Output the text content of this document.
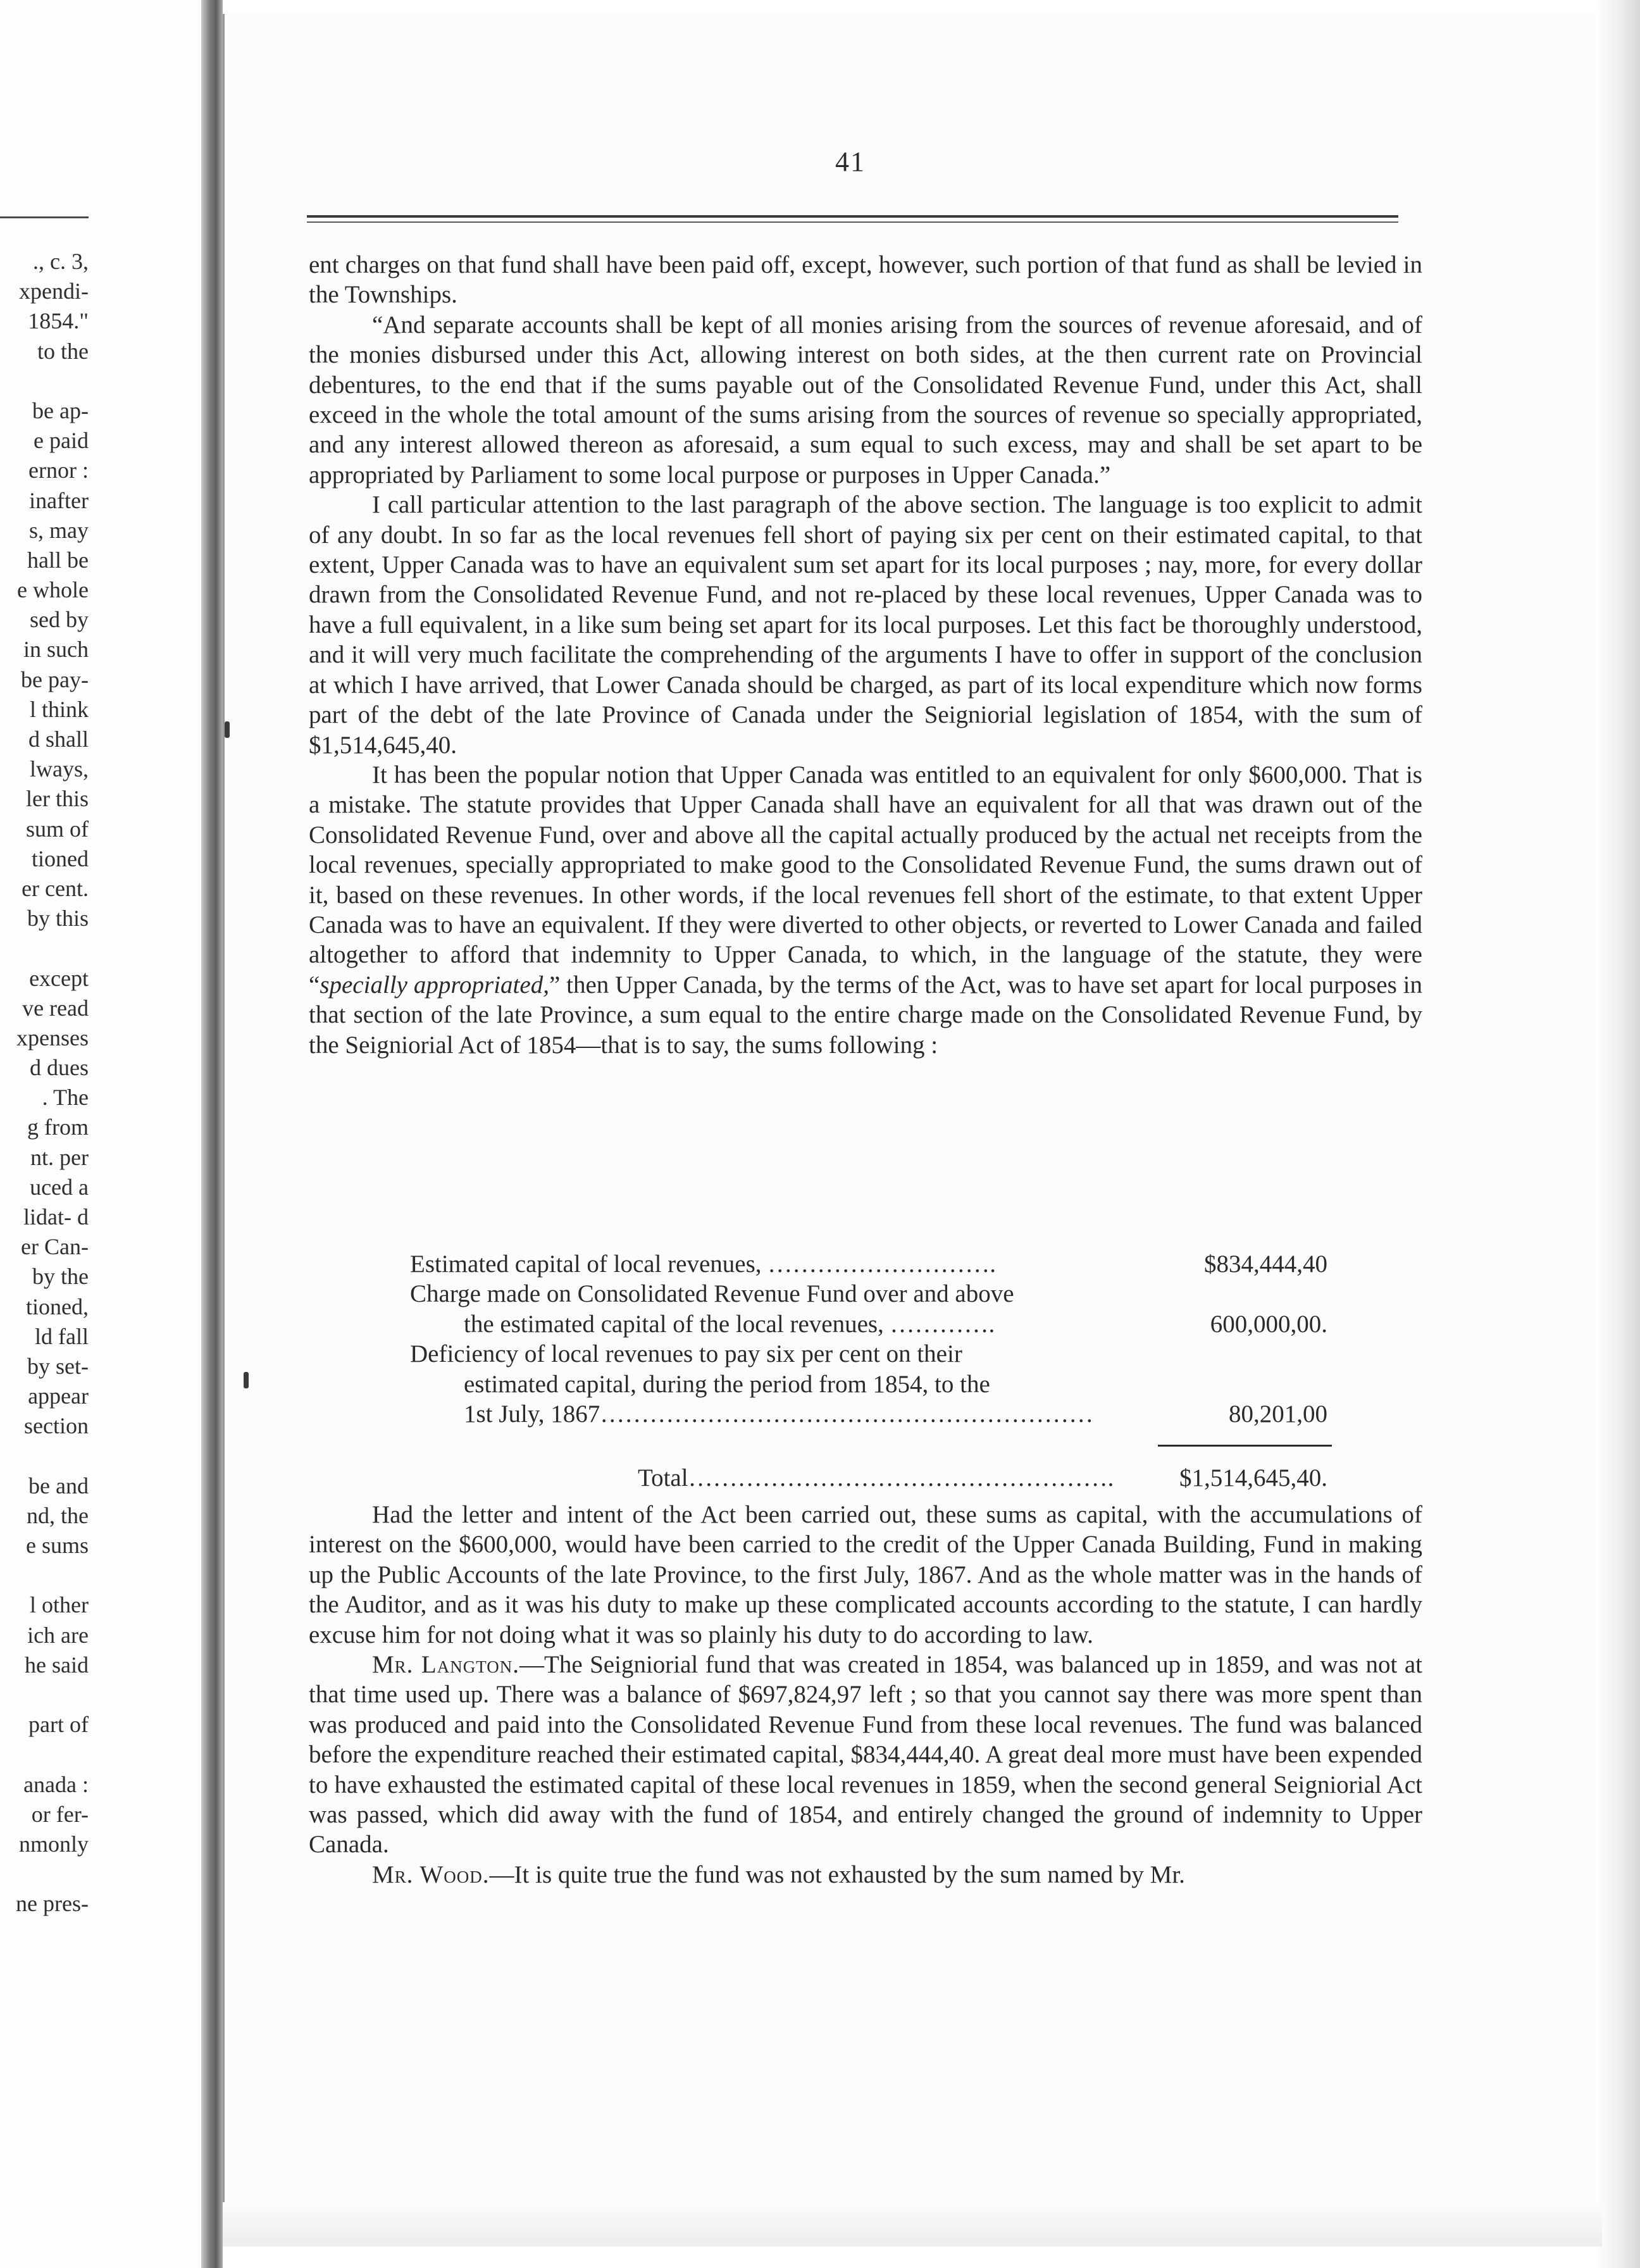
., c. 3,
xpendi-
1854."
to the
be ap-
e paid
ernor :
inafter
s, may
hall be
e whole
sed by
in such
be pay-
l think
d shall
lways,
ler this
sum of
tioned
er cent.
by this
except
ve read
xpenses
d dues
. The
g from
nt. per
uced a
lidat- d
er Can-
by the
tioned,
ld fall
by set-
appear
section
be and
nd, the
e sums
l other
ich are
he said
part of
anada :
or fer-
nmonly
ne pres-
41

ent charges on that fund shall have been paid off, except, however, such portion of that fund as shall be levied in the Townships.

“And separate accounts shall be kept of all monies arising from the sources of revenue aforesaid, and of the monies disbursed under this Act, allowing interest on both sides, at the then current rate on Provincial debentures, to the end that if the sums payable out of the Consolidated Revenue Fund, under this Act, shall exceed in the whole the total amount of the sums arising from the sources of revenue so specially appropriated, and any interest allowed thereon as aforesaid, a sum equal to such excess, may and shall be set apart to be appropriated by Parliament to some local purpose or purposes in Upper Canada.”

I call particular attention to the last paragraph of the above section. The language is too explicit to admit of any doubt. In so far as the local revenues fell short of paying six per cent on their estimated capital, to that extent, Upper Canada was to have an equivalent sum set apart for its local purposes ; nay, more, for every dollar drawn from the Consolidated Revenue Fund, and not re-placed by these local revenues, Upper Canada was to have a full equivalent, in a like sum being set apart for its local purposes. Let this fact be thoroughly understood, and it will very much facilitate the comprehending of the arguments I have to offer in support of the conclusion at which I have arrived, that Lower Canada should be charged, as part of its local expenditure which now forms part of the debt of the late Province of Canada under the Seigniorial legislation of 1854, with the sum of $1,514,645,40.

It has been the popular notion that Upper Canada was entitled to an equivalent for only $600,000. That is a mistake. The statute provides that Upper Canada shall have an equivalent for all that was drawn out of the Consolidated Revenue Fund, over and above all the capital actually produced by the actual net receipts from the local revenues, specially appropriated to make good to the Consolidated Revenue Fund, the sums drawn out of it, based on these revenues. In other words, if the local revenues fell short of the estimate, to that extent Upper Canada was to have an equivalent. If they were diverted to other objects, or reverted to Lower Canada and failed altogether to afford that indemnity to Upper Canada, to which, in the language of the statute, they were “specially appropriated,” then Upper Canada, by the terms of the Act, was to have set apart for local purposes in that section of the late Province, a sum equal to the entire charge made on the Consolidated Revenue Fund, by the Seigniorial Act of 1854—that is to say, the sums following :

Estimated capital of local revenues, ……………………….	$834,444,40
Charge made on Consolidated Revenue Fund over and above
the estimated capital of the local revenues, ………….	600,000,00.
Deficiency of local revenues to pay six per cent on their
estimated capital, during the period from 1854, to the
1st July, 1867……………………………………………………	80,201,00
Total…………………………………………….	$1,514,645,40.

Had the letter and intent of the Act been carried out, these sums as capital, with the accumulations of interest on the $600,000, would have been carried to the credit of the Upper Canada Building, Fund in making up the Public Accounts of the late Province, to the first July, 1867. And as the whole matter was in the hands of the Auditor, and as it was his duty to make up these complicated accounts according to the statute, I can hardly excuse him for not doing what it was so plainly his duty to do according to law.

Mr. Langton.—The Seigniorial fund that was created in 1854, was balanced up in 1859, and was not at that time used up. There was a balance of $697,824,97 left ; so that you cannot say there was more spent than was produced and paid into the Consolidated Revenue Fund from these local revenues. The fund was balanced before the expenditure reached their estimated capital, $834,444,40. A great deal more must have been expended to have exhausted the estimated capital of these local revenues in 1859, when the second general Seigniorial Act was passed, which did away with the fund of 1854, and entirely changed the ground of indemnity to Upper Canada.

Mr. Wood.—It is quite true the fund was not exhausted by the sum named by Mr.
